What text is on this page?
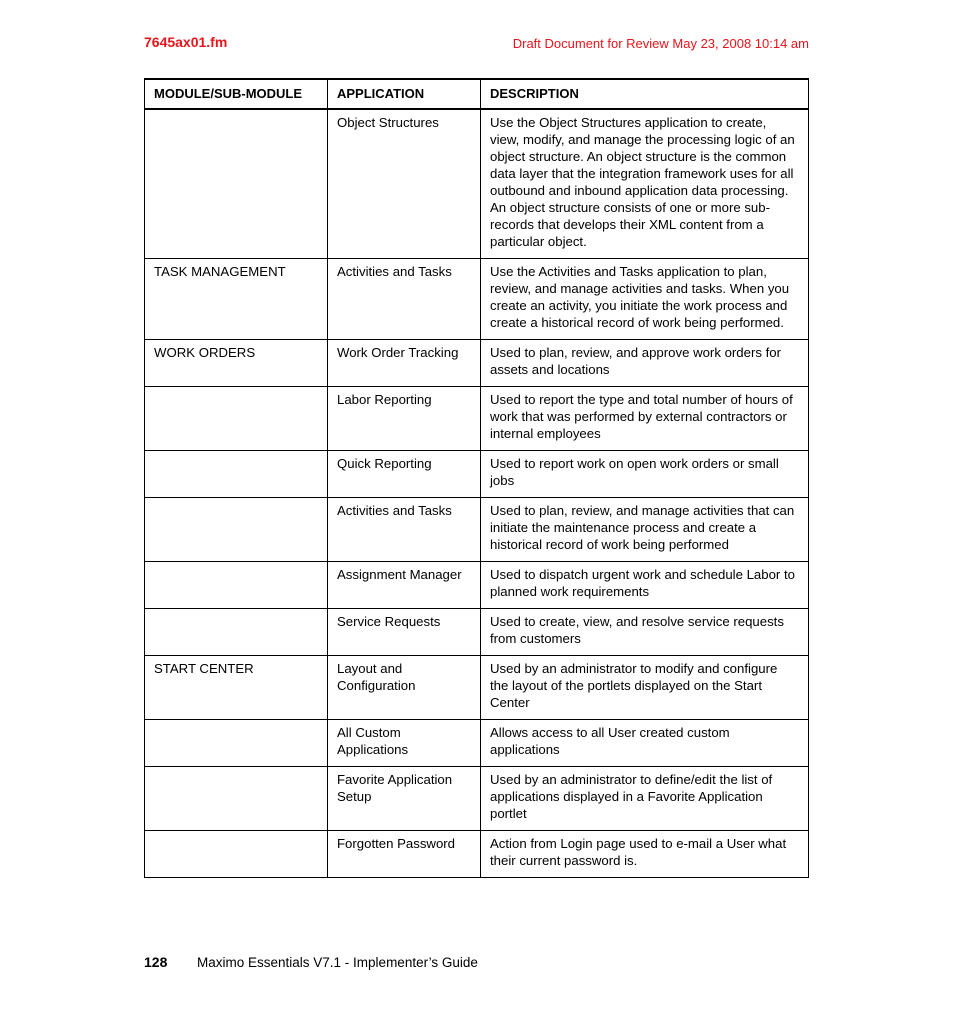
7645ax01.fm	Draft Document for Review May 23, 2008 10:14 am
MODULE/SUB-MODULE	APPLICATION	DESCRIPTION
	Object Structures	Use the Object Structures application to create, view, modify, and manage the processing logic of an object structure. An object structure is the common data layer that the integration framework uses for all outbound and inbound application data processing. An object structure consists of one or more sub-records that develops their XML content from a particular object.
TASK MANAGEMENT	Activities and Tasks	Use the Activities and Tasks application to plan, review, and manage activities and tasks. When you create an activity, you initiate the work process and create a historical record of work being performed.
WORK ORDERS	Work Order Tracking	Used to plan, review, and approve work orders for assets and locations
	Labor Reporting	Used to report the type and total number of hours of work that was performed by external contractors or internal employees
	Quick Reporting	Used to report work on open work orders or small jobs
	Activities and Tasks	Used to plan, review, and manage activities that can initiate the maintenance process and create a historical record of work being performed
	Assignment Manager	Used to dispatch urgent work and schedule Labor to planned work requirements
	Service Requests	Used to create, view, and resolve service requests from customers
START CENTER	Layout and Configuration	Used by an administrator to modify and configure the layout of the portlets displayed on the Start Center
	All Custom Applications	Allows access to all User created custom applications
	Favorite Application Setup	Used by an administrator to define/edit the list of applications displayed in a Favorite Application portlet
	Forgotten Password	Action from Login page used to e-mail a User what their current password is.
128 Maximo Essentials V7.1 - Implementer’s Guide
